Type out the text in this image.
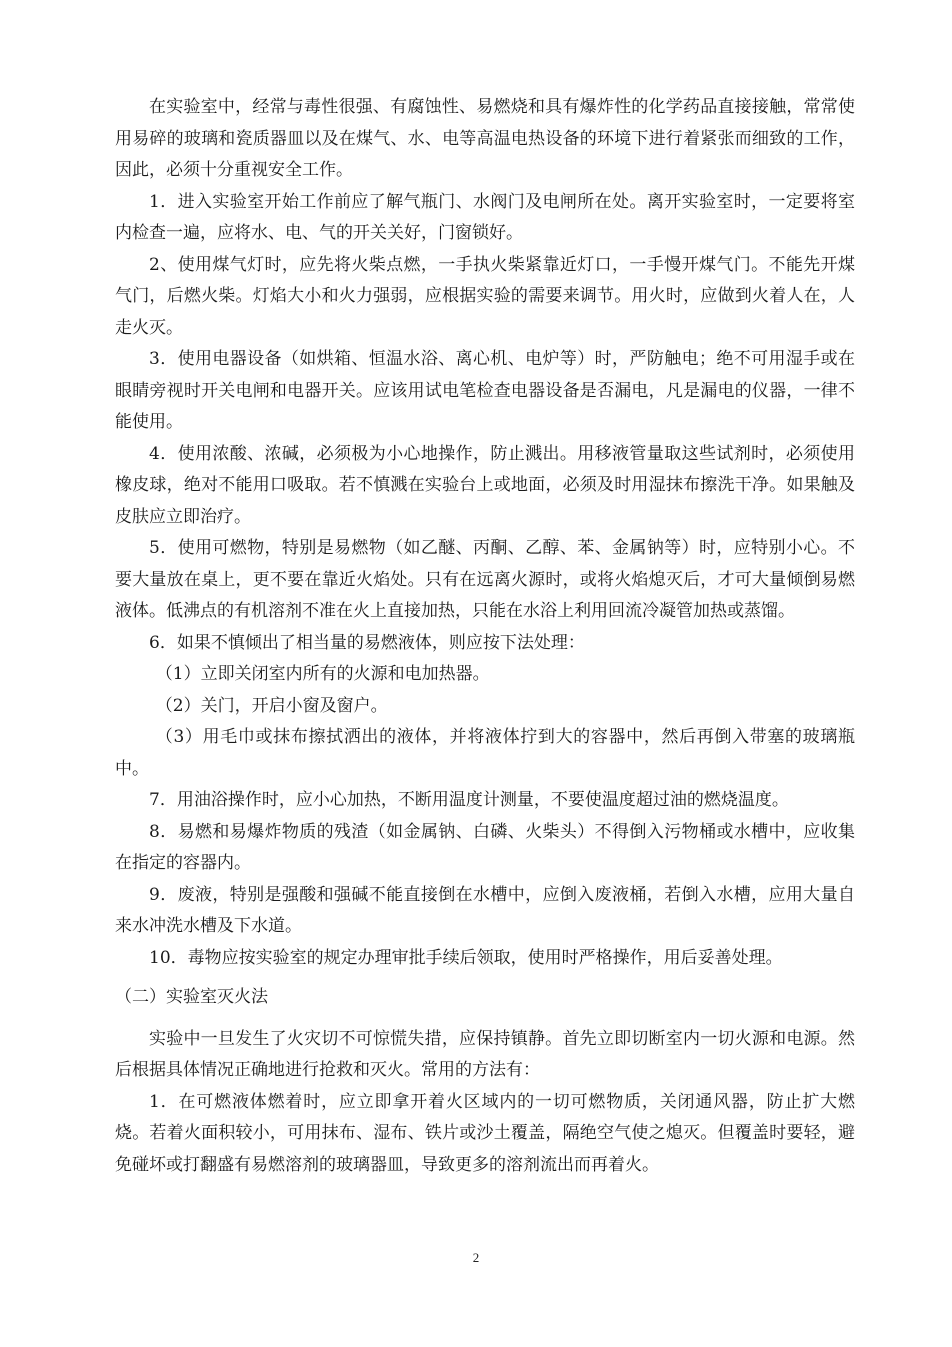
在实验室中，经常与毒性很强、有腐蚀性、易燃烧和具有爆炸性的化学药品直接接触，常常使用易碎的玻璃和瓷质器皿以及在煤气、水、电等高温电热设备的环境下进行着紧张而细致的工作，因此，必须十分重视安全工作。

1．进入实验室开始工作前应了解气瓶门、水阀门及电闸所在处。离开实验室时，一定要将室内检查一遍，应将水、电、气的开关关好，门窗锁好。

2、使用煤气灯时，应先将火柴点燃，一手执火柴紧靠近灯口，一手慢开煤气门。不能先开煤气门，后燃火柴。灯焰大小和火力强弱，应根据实验的需要来调节。用火时，应做到火着人在，人走火灭。

3．使用电器设备（如烘箱、恒温水浴、离心机、电炉等）时，严防触电；绝不可用湿手或在眼睛旁视时开关电闸和电器开关。应该用试电笔检查电器设备是否漏电，凡是漏电的仪器，一律不能使用。

4．使用浓酸、浓碱，必须极为小心地操作，防止溅出。用移液管量取这些试剂时，必须使用橡皮球，绝对不能用口吸取。若不慎溅在实验台上或地面，必须及时用湿抹布擦洗干净。如果触及皮肤应立即治疗。

5．使用可燃物，特别是易燃物（如乙醚、丙酮、乙醇、苯、金属钠等）时，应特别小心。不要大量放在桌上，更不要在靠近火焰处。只有在远离火源时，或将火焰熄灭后，才可大量倾倒易燃液体。低沸点的有机溶剂不准在火上直接加热，只能在水浴上利用回流冷凝管加热或蒸馏。

6．如果不慎倾出了相当量的易燃液体，则应按下法处理：

（1）立即关闭室内所有的火源和电加热器。

（2）关门，开启小窗及窗户。

（3）用毛巾或抹布擦拭洒出的液体，并将液体拧到大的容器中，然后再倒入带塞的玻璃瓶中。

7．用油浴操作时，应小心加热，不断用温度计测量，不要使温度超过油的燃烧温度。

8．易燃和易爆炸物质的残渣（如金属钠、白磷、火柴头）不得倒入污物桶或水槽中，应收集在指定的容器内。

9．废液，特别是强酸和强碱不能直接倒在水槽中，应倒入废液桶，若倒入水槽，应用大量自来水冲洗水槽及下水道。

10．毒物应按实验室的规定办理审批手续后领取，使用时严格操作，用后妥善处理。

（二）实验室灭火法

实验中一旦发生了火灾切不可惊慌失措，应保持镇静。首先立即切断室内一切火源和电源。然后根据具体情况正确地进行抢救和灭火。常用的方法有：

1．在可燃液体燃着时，应立即拿开着火区域内的一切可燃物质，关闭通风器，防止扩大燃烧。若着火面积较小，可用抹布、湿布、铁片或沙土覆盖，隔绝空气使之熄灭。但覆盖时要轻，避免碰坏或打翻盛有易燃溶剂的玻璃器皿，导致更多的溶剂流出而再着火。

2
